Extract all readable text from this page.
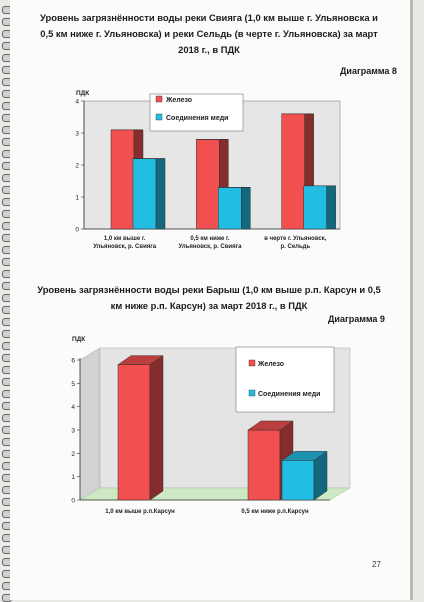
Уровень загрязнённости воды реки Свияга (1,0 км выше г. Ульяновска и 0,5 км ниже г. Ульяновска) и реки Сельдь (в черте г. Ульяновска) за март 2018 г., в ПДК

Диаграмма 8
ПДК
0
1
2
3
4
1,0 км выше г.
Ульяновск, р. Свияга
0,5 км ниже г.
Ульяновск, р. Свияга
в черте г. Ульяновск,
р. Сельдь
Железо
Соединения меди

Уровень загрязнённости воды реки Барыш (1,0 км выше р.п. Карсун и 0,5 км ниже р.п. Карсун) за март 2018 г., в ПДК

Диаграмма 9
ПДК
0
1
2
3
4
5
6
1,0 км выше р.п.Карсун	0,5 км ниже р.п.Карсун
Железо
Соединения меди
27
